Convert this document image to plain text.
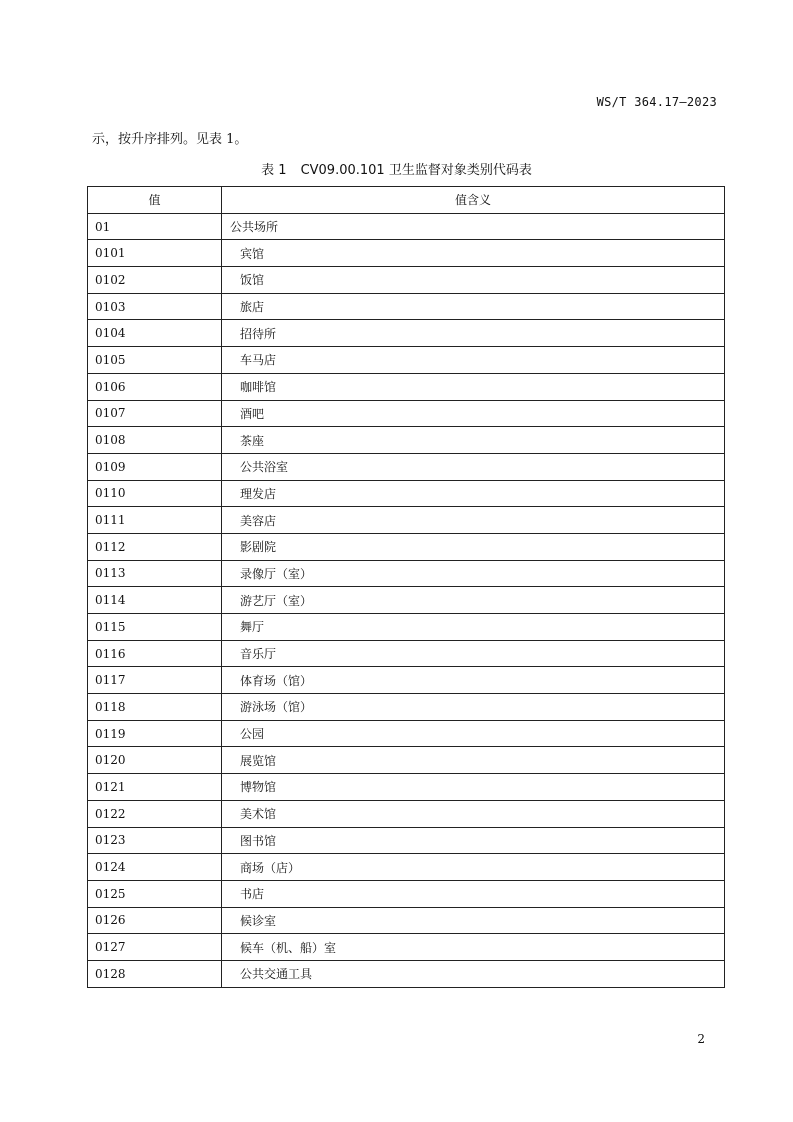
WS/T 364.17—2023
示，按升序排列。见表 1。
表 1 CV09.00.101 卫生监督对象类别代码表
值	值含义
01	公共场所
0101	宾馆
0102	饭馆
0103	旅店
0104	招待所
0105	车马店
0106	咖啡馆
0107	酒吧
0108	茶座
0109	公共浴室
0110	理发店
0111	美容店
0112	影剧院
0113	录像厅（室）
0114	游艺厅（室）
0115	舞厅
0116	音乐厅
0117	体育场（馆）
0118	游泳场（馆）
0119	公园
0120	展览馆
0121	博物馆
0122	美术馆
0123	图书馆
0124	商场（店）
0125	书店
0126	候诊室
0127	候车（机、船）室
0128	公共交通工具
2
